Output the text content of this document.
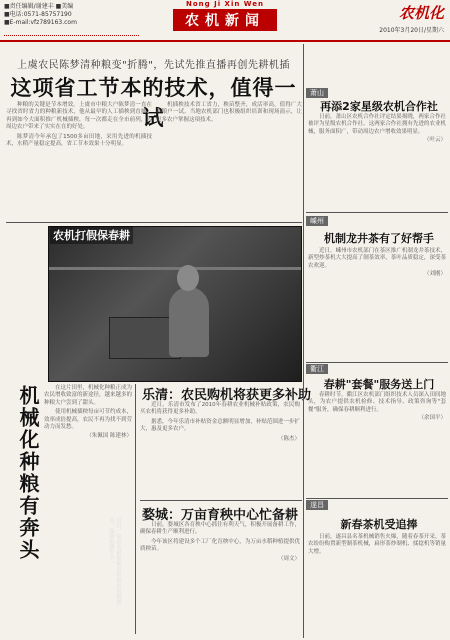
■责任编辑/谢建丰 ■美编
■电话:0571-85757190
■E-mail:vfz789163.com
Nong Ji Xin Wen
农机新闻	农机化
2010年3月20日/星期六
上虞农民陈梦清种粮变"折腾"，先试先推直播再创先耕机插
这项省工节本的技术，值得一试

种粮的关键是节本增效。上虞市中粮大户陈梦清一直在寻找省时省力的种粮新技术，他从最早的人工插秧到直播，再到如今大面积推广机械插秧，每一次都走在全市前列，为周边农户带来了实实在在的好处。

陈梦清今年承包了1500多亩田地，采用先进的机插技术，水稻产量稳定提高，省工节本效果十分明显。

机插秧技术省工省力，秧苗整齐，成活率高，值得广大种粮户一试。当地农机部门也积极组织培训和现场演示，让更多农户掌握这项技术。

近日，某市农机监理站检查农机销售点，保障春耕生产。
农机打假保春耕
机械化种粮有奔头	在这片田里，机械化种粮正成为农民增收致富的新途径，越来越多的种粮大户尝到了甜头。

使用机械插秧每亩可节约成本，效率成倍提高，农民不再为找不到劳动力而发愁。

（朱佩国 陈建林）

乐清：农民购机将获更多补助

近日，乐清市发布了2010年春耕农业机械补贴政策，农民购买农机将获得更多补助。

据悉，今年乐清市补贴资金总额明显增加，补贴范围进一步扩大，惠及更多农户。

（陈杰）

婺城：万亩育秧中心忙备耕

日前，婺城区各育秧中心抓住有利天气，积极开展备耕工作，确保春耕生产顺利进行。

今年该区将建设多个工厂化育秧中心，为万亩水稻种植提供优质秧苗。

（周文）

萧山
再添2家星级农机合作社

日前，萧山区农机合作社评定结果揭晓，两家合作社被评为星级农机合作社。这两家合作社拥有先进的农业机械，服务面积广，带动周边农户增收效果明显。

（叶云）

嵊州
机制龙井茶有了好帮手

近日，嵊州市农机部门在茶区推广机制龙井茶技术，新型炒茶机大大提高了制茶效率，茶叶品质稳定，深受茶农欢迎。

（刘刚）

衢江
春耕"套餐"服务送上门

春耕时节，衢江区农机部门组织技术人员深入田间地头，为农户提供农机检修、技术指导、政策咨询等"套餐"服务，确保春耕顺利进行。

（余国平）

遂昌
新春茶机受追捧

日前，遂昌县名茶机械销售火爆，随着春茶开采，茶农纷纷购置新型制茶机械，扁形茶炒制机、揉捻机等销量大增。
